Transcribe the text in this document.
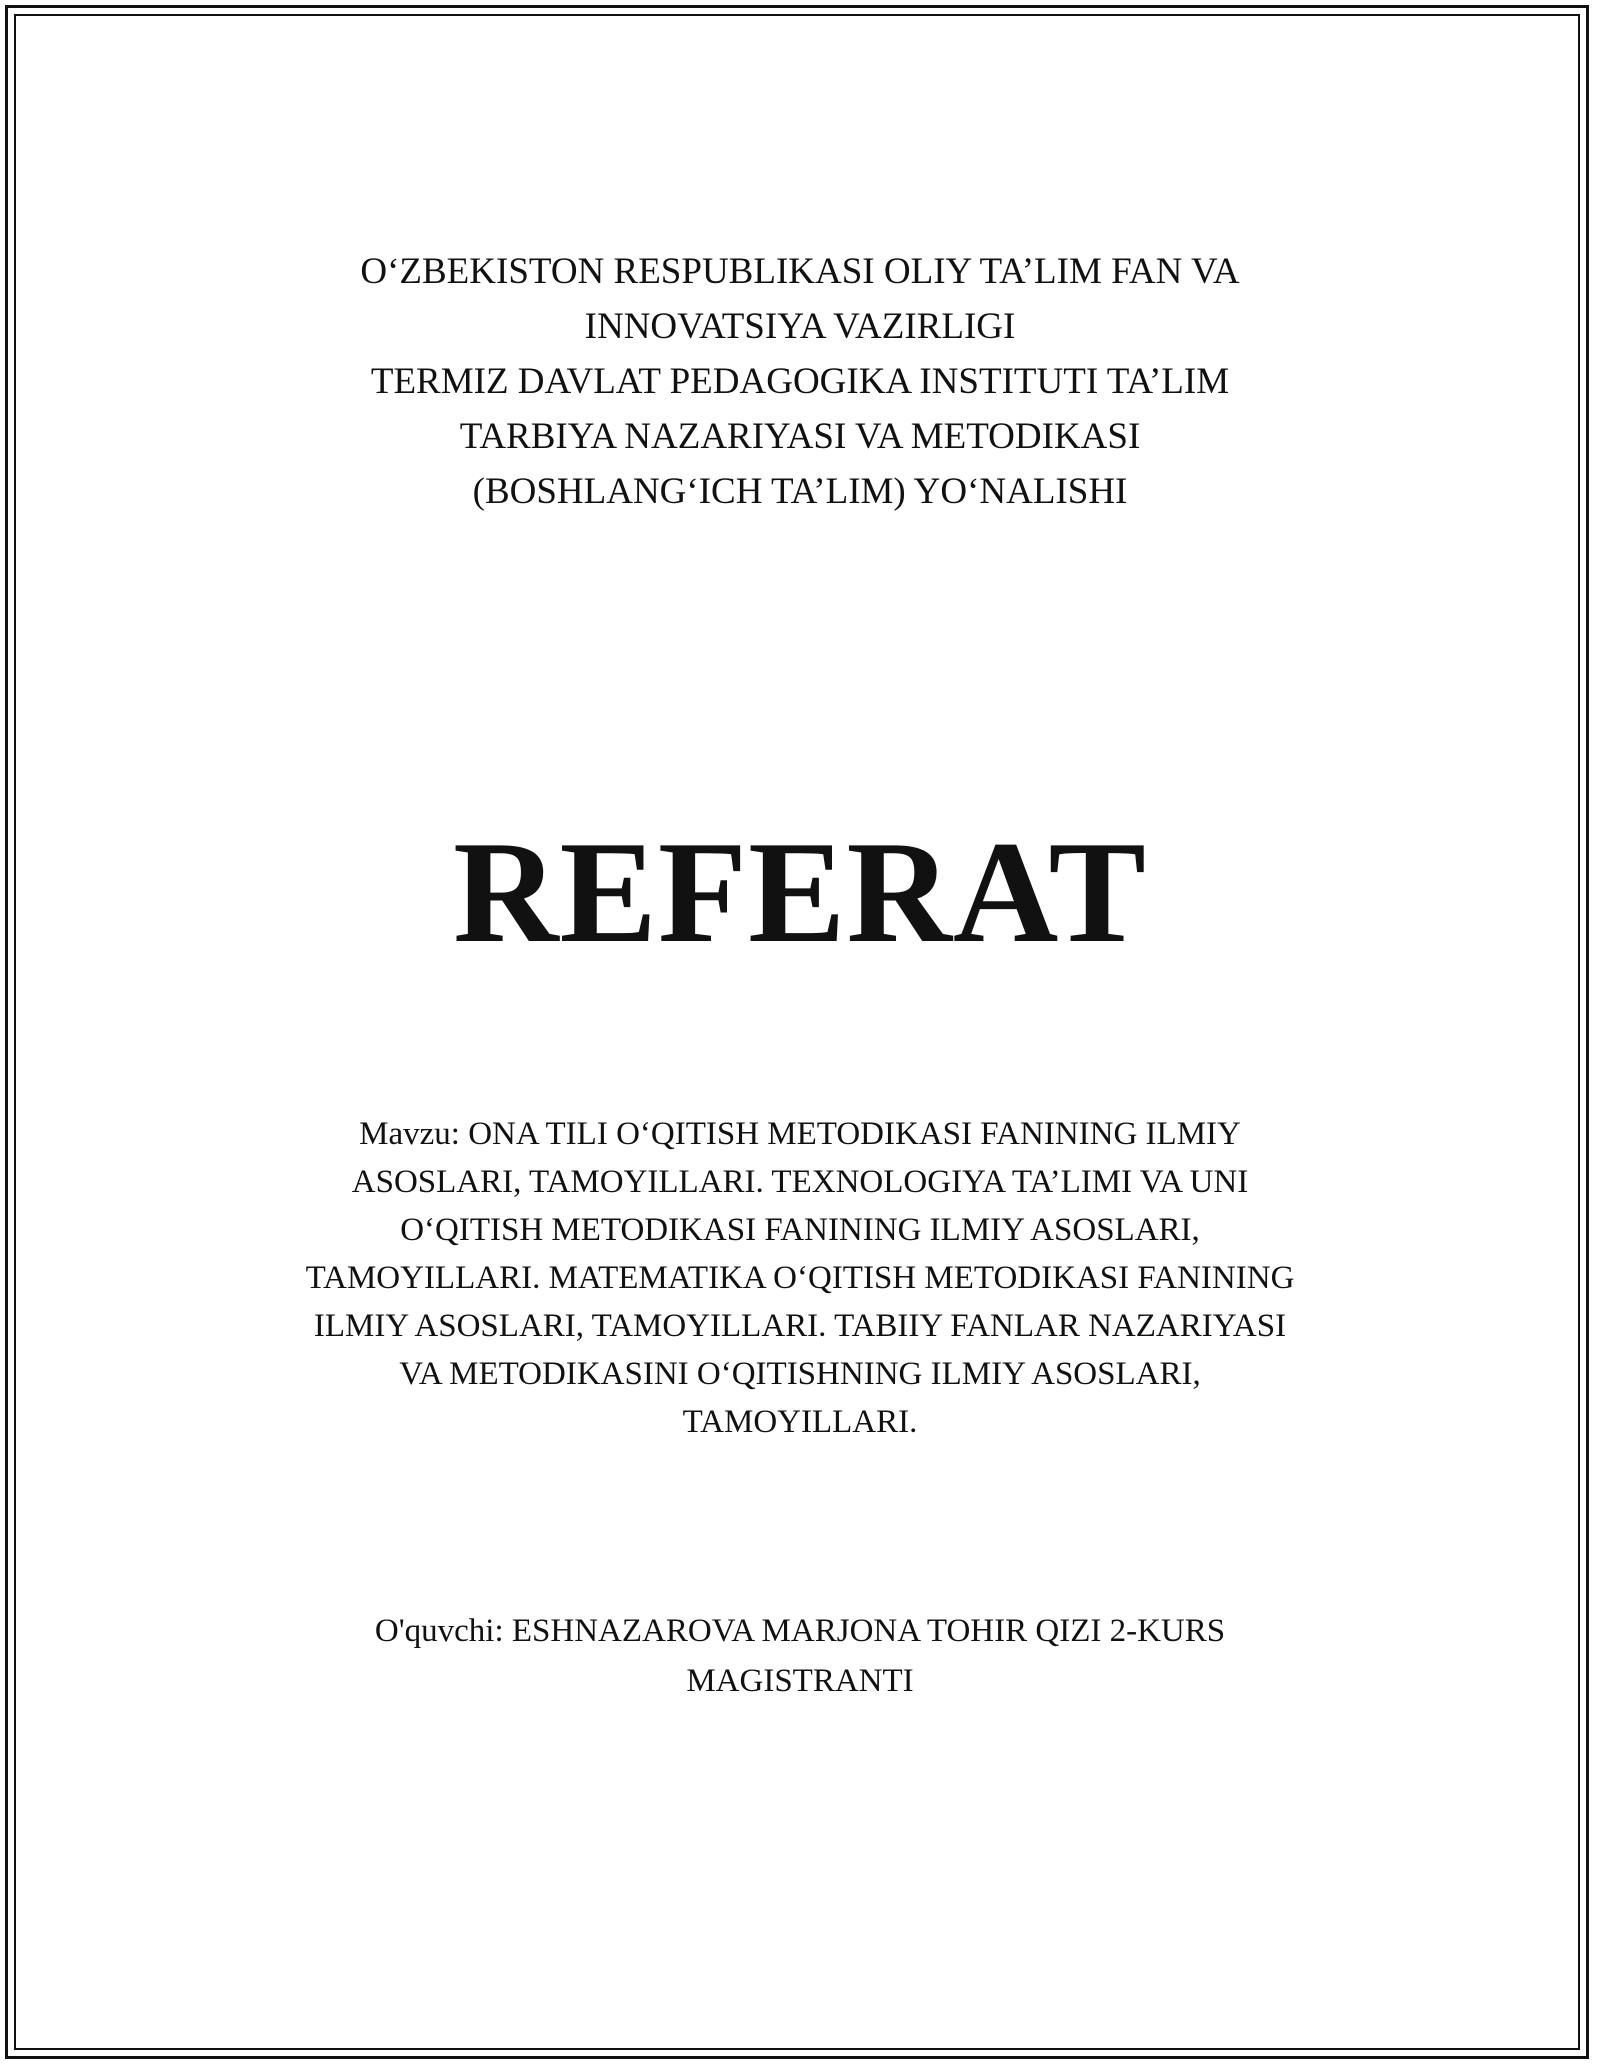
O‘ZBEKISTON RESPUBLIKASI OLIY TA’LIM FAN VA
INNOVATSIYA VAZIRLIGI
TERMIZ DAVLAT PEDAGOGIKA INSTITUTI TA’LIM
TARBIYA NAZARIYASI VA METODIKASI
(BOSHLANG‘ICH TA’LIM) YO‘NALISHI
REFERAT
Mavzu: ONA TILI O‘QITISH METODIKASI FANINING ILMIY
ASOSLARI, TAMOYILLARI. TEXNOLOGIYA TA’LIMI VA UNI
O‘QITISH METODIKASI FANINING ILMIY ASOSLARI,
TAMOYILLARI. MATEMATIKA O‘QITISH METODIKASI FANINING
ILMIY ASOSLARI, TAMOYILLARI. TABIIY FANLAR NAZARIYASI
VA METODIKASINI O‘QITISHNING ILMIY ASOSLARI,
TAMOYILLARI.
O'quvchi: ESHNAZAROVA MARJONA TOHIR QIZI 2-KURS
MAGISTRANTI
